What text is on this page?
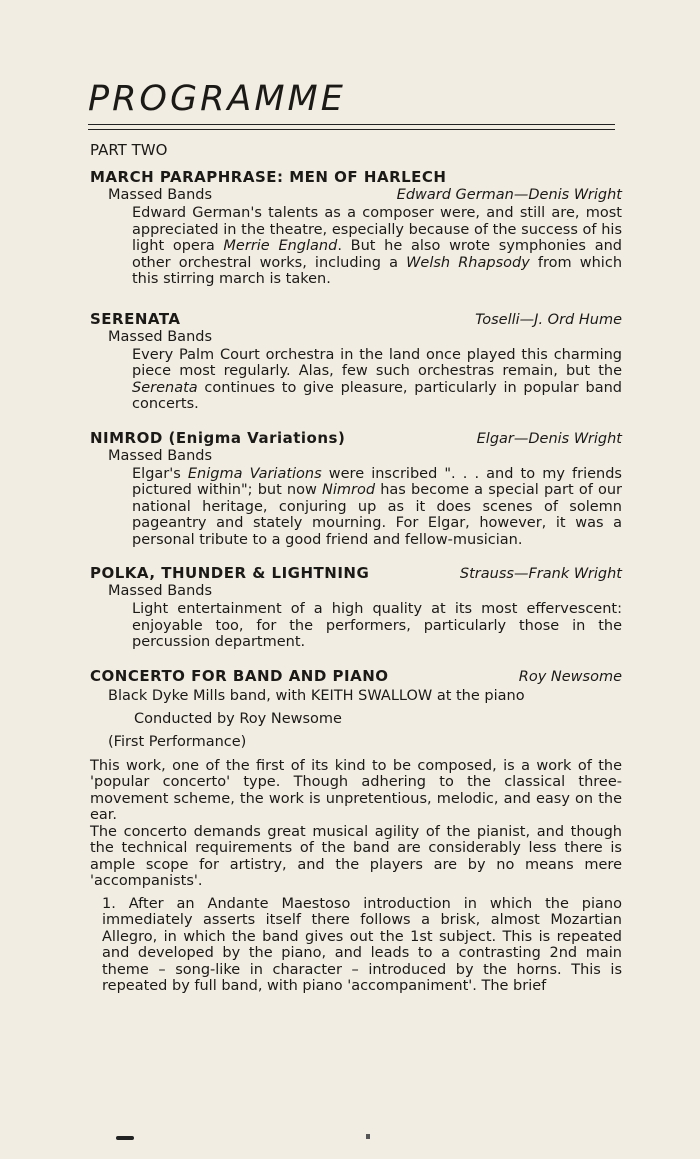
PROGRAMME
PART TWO
MARCH PARAPHRASE: MEN OF HARLECH
Massed Bands	Edward German—Denis Wright
Edward German's talents as a composer were, and still are, most appreciated in the theatre, especially because of the success of his light opera Merrie England. But he also wrote symphonies and other orchestral works, including a Welsh Rhapsody from which this stirring march is taken.
SERENATA	Toselli—J. Ord Hume
Massed Bands
Every Palm Court orchestra in the land once played this charming piece most regularly. Alas, few such orchestras remain, but the Serenata continues to give pleasure, particularly in popular band concerts.
NIMROD (Enigma Variations)	Elgar—Denis Wright
Massed Bands
Elgar's Enigma Variations were inscribed ". . . and to my friends pictured within"; but now Nimrod has become a special part of our national heritage, conjuring up as it does scenes of solemn pageantry and stately mourning. For Elgar, however, it was a personal tribute to a good friend and fellow-musician.
POLKA, THUNDER & LIGHTNING	Strauss—Frank Wright
Massed Bands
Light entertainment of a high quality at its most effervescent: enjoyable too, for the performers, particularly those in the percussion department.
CONCERTO FOR BAND AND PIANO	Roy Newsome
Black Dyke Mills band, with KEITH SWALLOW at the piano
Conducted by Roy Newsome
(First Performance)

This work, one of the first of its kind to be composed, is a work of the 'popular concerto' type. Though adhering to the classical three-movement scheme, the work is unpretentious, melodic, and easy on the ear.

The concerto demands great musical agility of the pianist, and though the technical requirements of the band are considerably less there is ample scope for artistry, and the players are by no means mere 'accompanists'.

1. After an Andante Maestoso introduction in which the piano immediately asserts itself there follows a brisk, almost Mozartian Allegro, in which the band gives out the 1st subject. This is repeated and developed by the piano, and leads to a contrasting 2nd main theme – song-like in character – introduced by the horns. This is repeated by full band, with piano 'accompaniment'. The brief
